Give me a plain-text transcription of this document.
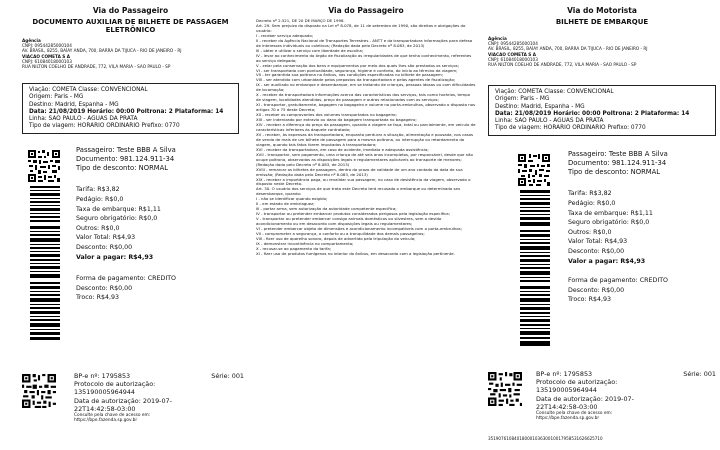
Via do Passageiro
DOCUMENTO AUXILIAR DE BILHETE DE PASSAGEM ELETRÔNICO
Agência
CNPJ: 09544285000104
AV. BRASIL, 8255, BAÍAY ANDA, 700, BARRA DA TIJUCA - RIO DE JANEIRO - RJ
VIACAO COMETA S A
CNPJ: 61084018000103
RUA NILTON COELHO DE ANDRADE, 772, VILA MARIA - SAO PAULO - SP
Viação: COMETA Classe: CONVENCIONAL
Origem: Paris - MG
Destino: Madrid, Espanha - MG
Data: 21/08/2019 Horário: 00:00 Poltrona: 2 Plataforma: 14
Linha: SAO PAULO - AGUAS DA PRATA
Tipo de viagem: HORARIO ORDINARIO Prefixo: 0770
Passageiro: Teste BBB A Silva
Documento: 981.124.911-34
Tipo de desconto: NORMAL
Tarifa: R$3,82
Pedágio: R$0,0
Taxa de embarque: R$1,11
Seguro obrigatório: R$0,0
Outros: R$0,0
Valor Total: R$4,93
Desconto: R$0,00
Valor a pagar: R$4,93
Forma de pagamento: CREDITO
Desconto: R$0,00
Troco: R$4,93
BP-e nº: 1795853	Série: 001
Protocolo de autorização:
135190005964944
Data de autorização: 2019-07-
22T14:42:58-03:00
Consulte pela chave de acesso em:
https://bpe.fazenda.sp.gov.br
Via do Passageiro

Decreto nº 2.521, DE 20 DE MARÇO DE 1998.

Art. 29. Sem prejuízo do disposto na Lei nº 8.078, de 11 de setembro de 1990, são direitos e obrigações do usuário:

I - receber serviço adequado;

II - receber da Agência Nacional de Transportes Terrestres - ANTT e da transportadora informações para defesa de interesses individuais ou coletivos; (Redação dada pelo Decreto nº 8.083, de 2013)

III - obter e utilizar o serviço com liberdade de escolha;

IV - levar ao conhecimento do órgão de fiscalização as irregularidades de que tenha conhecimento, referentes ao serviço delegado;

V - zelar pela conservação dos bens e equipamentos por meio dos quais lhes são prestados os serviços;

VI - ser transportado com pontualidade, segurança, higiene e conforto, do início ao término da viagem;

VII - ter garantida sua poltrona no ônibus, nas condições especificadas no bilhete de passagem;

VIII - ser atendido com urbanidade pelos prepostos da transportadora e pelos agentes de fiscalização;

IX - ser auxiliado no embarque e desembarque, em se tratando de crianças, pessoas idosas ou com dificuldades de locomoção;

X - receber da transportadora informações acerca das características dos serviços, tais como horários, tempo de viagem, localidades atendidas, preço de passagem e outras relacionadas com os serviços;

XI - transportar, gratuitamente, bagagem no bagageiro e volume no porta-embrulhos, observado o disposto nos artigos 70 a 75 deste Decreto;

XII - receber os comprovantes dos volumes transportados no bagageiro;

XIII - ser indenizado por extravio ou dano da bagagem transportada no bagageiro;

XIV - receber a diferença do preço da passagem, quando a viagem se faça, total ou parcialmente, em veículo de características inferiores às daquele contratado;

XV - receber, às expensas da transportadora, enquanto perdurar a situação, alimentação e pousada, nos casos de venda de mais de um bilhete de passagem para a mesma poltrona, ou interrupção ou retardamento da viagem, quando tais fatos forem imputados à transportadora;

XVI - receber da transportadora, em caso de acidente, imediata e adequada assistência;

XVII - transportar, sem pagamento, uma criança de até seis anos incompletos, por responsável, desde que não ocupe poltrona, observadas as disposições legais e regulamentares aplicáveis ao transporte de menores; (Redação dada pelo Decreto nº 8.083, de 2013)

XVIII - remarcar os bilhetes de passagem, dentro do prazo de validade de um ano contado da data de sua emissão; (Redação dada pelo Decreto nº 8.083, de 2013)

XIX - receber a importância paga, ou revalidar sua passagem, no caso de desistência da viagem, observado o disposto neste Decreto.

Art. 30. O usuário dos serviços de que trata este Decreto terá recusado o embarque ou determinado seu desembarque, quando:

I - não se identificar quando exigido;

II - em estado de embriaguez;

III - portar arma, sem autorização da autoridade competente específica;

IV - transportar ou pretender embarcar produtos considerados perigosos pela legislação específica;

V - transportar ou pretender embarcar consigo animais domésticos ou silvestres, sem o devido acondicionamento ou em desacordo com disposições legais ou regulamentares;

VI - pretender embarcar objeto de dimensões e acondicionamento incompatíveis com o porta-embrulhos;

VII - comprometer a segurança, o conforto ou a tranquilidade dos demais passageiros;

VIII - fizer uso de aparelho sonoro, depois de advertido pela tripulação do veículo;

IX - demonstrar incontinência no comportamento;

X - recusar-se ao pagamento da tarifa;

XI - fizer uso de produtos fumígenos no interior do ônibus, em desacordo com a legislação pertinente.

Via do Motorista
BILHETE DE EMBARQUE
Agência
CNPJ: 09544285000104
AV. BRASIL, 8255, BAÍAY ANDA, 700, BARRA DA TIJUCA - RIO DE JANEIRO - RJ
VIACAO COMETA S A
CNPJ: 61084018000103
RUA NILTON COELHO DE ANDRADE, 772, VILA MARIA - SAO PAULO - SP
Viação: COMETA Classe: CONVENCIONAL
Origem: Paris - MG
Destino: Madrid, Espanha - MG
Data: 21/08/2019 Horário: 00:00 Poltrona: 2 Plataforma: 14
Linha: SAO PAULO - AGUAS DA PRATA
Tipo de viagem: HORARIO ORDINARIO Prefixo: 0770
Passageiro: Teste BBB A Silva
Documento: 981.124.911-34
Tipo de desconto: NORMAL
Tarifa: R$3,82
Pedágio: R$0,0
Taxa de embarque: R$1,11
Seguro obrigatório: R$0,0
Outros: R$0,0
Valor Total: R$4,93
Desconto: R$0,00
Valor a pagar: R$4,93
Forma de pagamento: CREDITO
Desconto: R$0,00
Troco: R$4,93
BP-e nº: 1795853	Série: 001
Protocolo de autorização:
135190005964944
Data de autorização: 2019-07-
22T14:42:58-03:00
Consulte pela chave de acesso em:
https://bpe.fazenda.sp.gov.br
35190761084018000103630010017958531626625710
